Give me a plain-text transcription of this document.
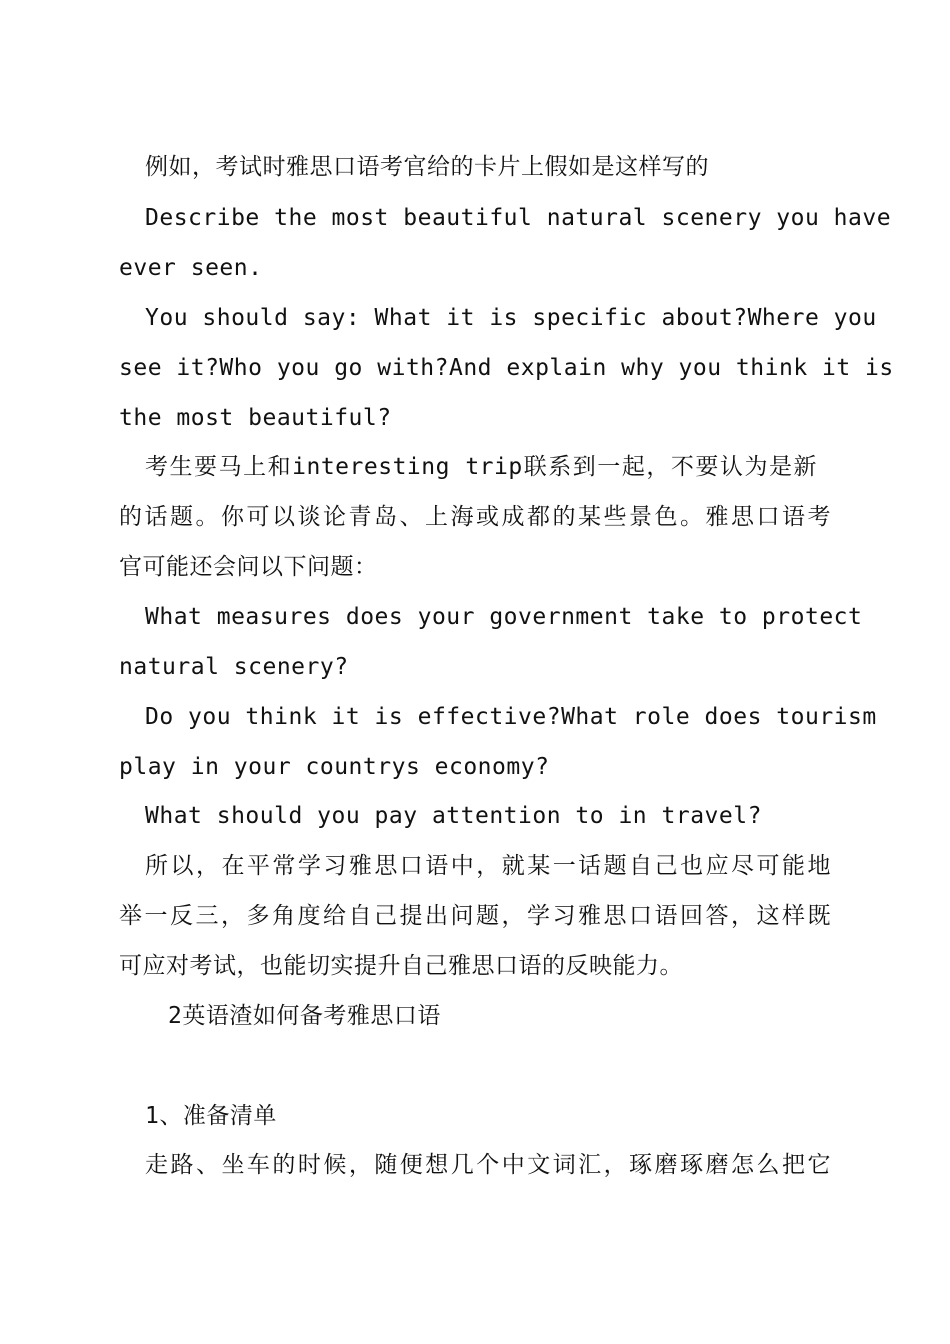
例如，考试时雅思口语考官给的卡片上假如是这样写的
Describe the most beautiful natural scenery you have
ever seen.
You should say: What it is specific about?Where you
see it?Who you go with?And explain why you think it is
the most beautiful?
考生要马上和interesting trip联系到一起，不要认为是新
的话题。你可以谈论青岛、上海或成都的某些景色。雅思口语考
官可能还会问以下问题：
What measures does your government take to protect
natural scenery?
Do you think it is effective?What role does tourism
play in your countrys economy?
What should you pay attention to in travel?
所以，在平常学习雅思口语中，就某一话题自己也应尽可能地
举一反三，多角度给自己提出问题，学习雅思口语回答，这样既
可应对考试，也能切实提升自己雅思口语的反映能力。
2英语渣如何备考雅思口语
1、准备清单
走路、坐车的时候，随便想几个中文词汇，琢磨琢磨怎么把它
